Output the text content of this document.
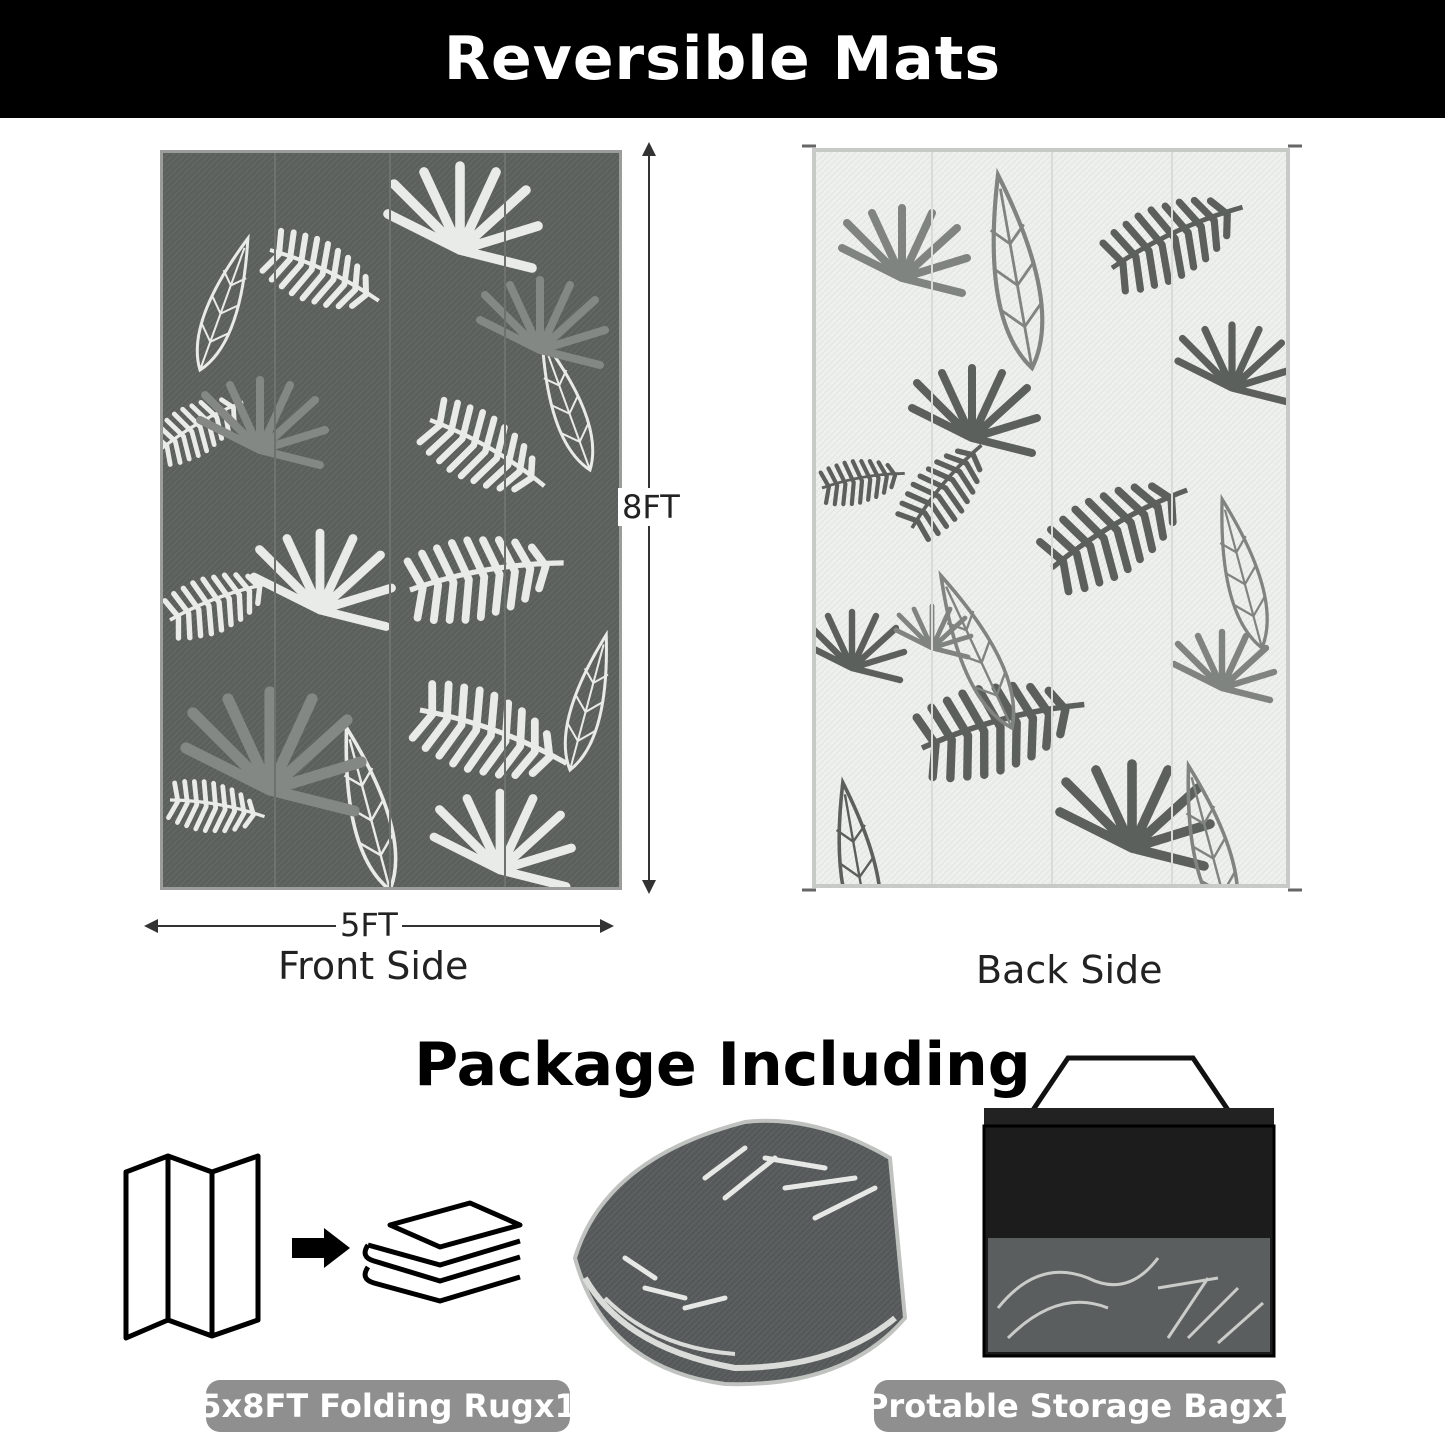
Reversible Mats
8FT
5FT
Front Side	Back Side
Package Including
5x8FT Folding Rugx1	Protable Storage Bagx1
